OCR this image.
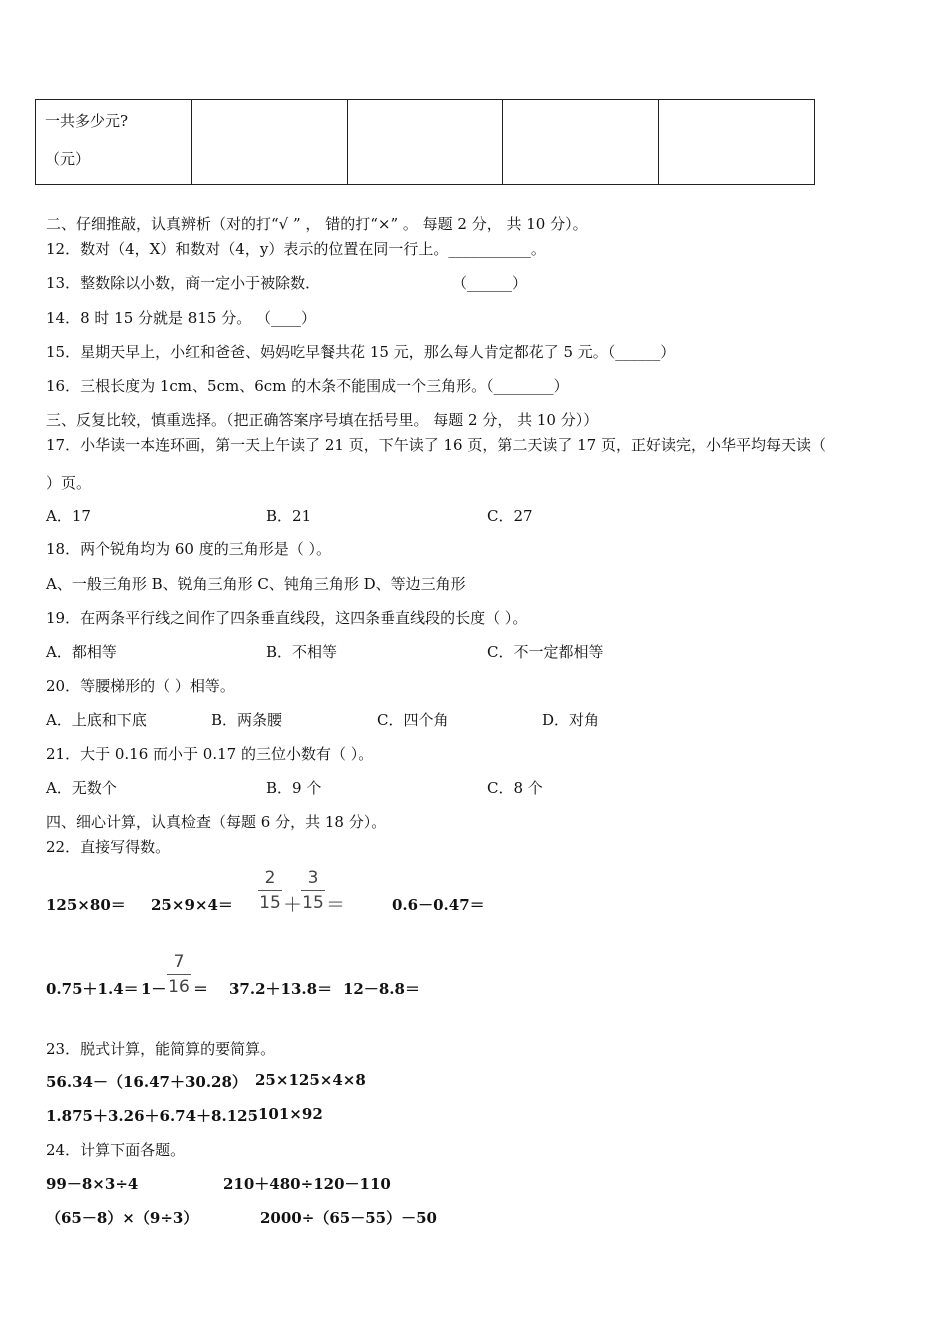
一共多少元?
（元）

二、仔细推敲，认真辨析（对的打“√ ” ， 错的打“×” 。 每题 2 分， 共 10 分）。
12．数对（4，X）和数对（4，y）表示的位置在同一行上。___________。
13．整数除以小数，商一定小于被除数．	（______）
14．8 时 15 分就是 815 分。 （____）
15．星期天早上，小红和爸爸、妈妈吃早餐共花 15 元，那么每人肯定都花了 5 元。（______）
16．三根长度为 1cm、5cm、6cm 的木条不能围成一个三角形。（________）
三、反复比较，慎重选择。（把正确答案序号填在括号里。 每题 2 分， 共 10 分））
17．小华读一本连环画，第一天上午读了 21 页，下午读了 16 页，第二天读了 17 页，正好读完，小华平均每天读（
）页。
A．17	B．21	C．27
18．两个锐角均为 60 度的三角形是（ ）。
A、一般三角形 B、锐角三角形 C、钝角三角形 D、等边三角形
19．在两条平行线之间作了四条垂直线段，这四条垂直线段的长度（ ）。
A．都相等	B．不相等	C．不一定都相等
20．等腰梯形的（ ）相等。
A．上底和下底	B．两条腰	C．四个角	D．对角
21．大于 0.16 而小于 0.17 的三位小数有（ ）。
A．无数个	B．9 个	C．8 个
四、细心计算，认真检查（每题 6 分，共 18 分）。
22．直接写得数。
125×80＝ 25×9×4＝
2
15 ＋
3
15 ＝	0.6－0.47＝
0.75＋1.4＝ 1－
7
16 ＝ 37.2＋13.8＝ 12－8.8＝
23．脱式计算，能简算的要简算。
56.34－（16.47＋30.28） 25×125×4×8
1.875＋3.26＋6.74＋8.125 101×92
24．计算下面各题。
99－8×3÷4	210＋480÷120－110
（65－8）×（9÷3）	2000÷（65－55）－50
